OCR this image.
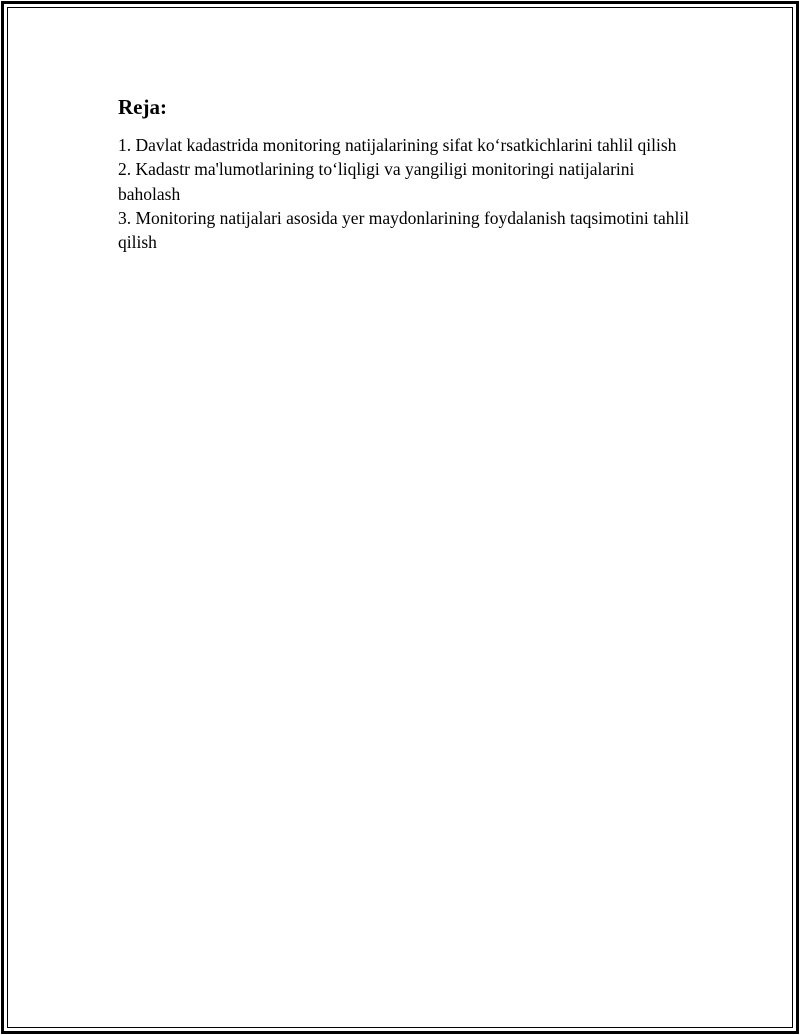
Reja:
1. Davlat kadastrida monitoring natijalarining sifat ko‘rsatkichlarini tahlil qilish
2. Kadastr ma'lumotlarining to‘liqligi va yangiligi monitoringi natijalarini baholash
3. Monitoring natijalari asosida yer maydonlarining foydalanish taqsimotini tahlil qilish
